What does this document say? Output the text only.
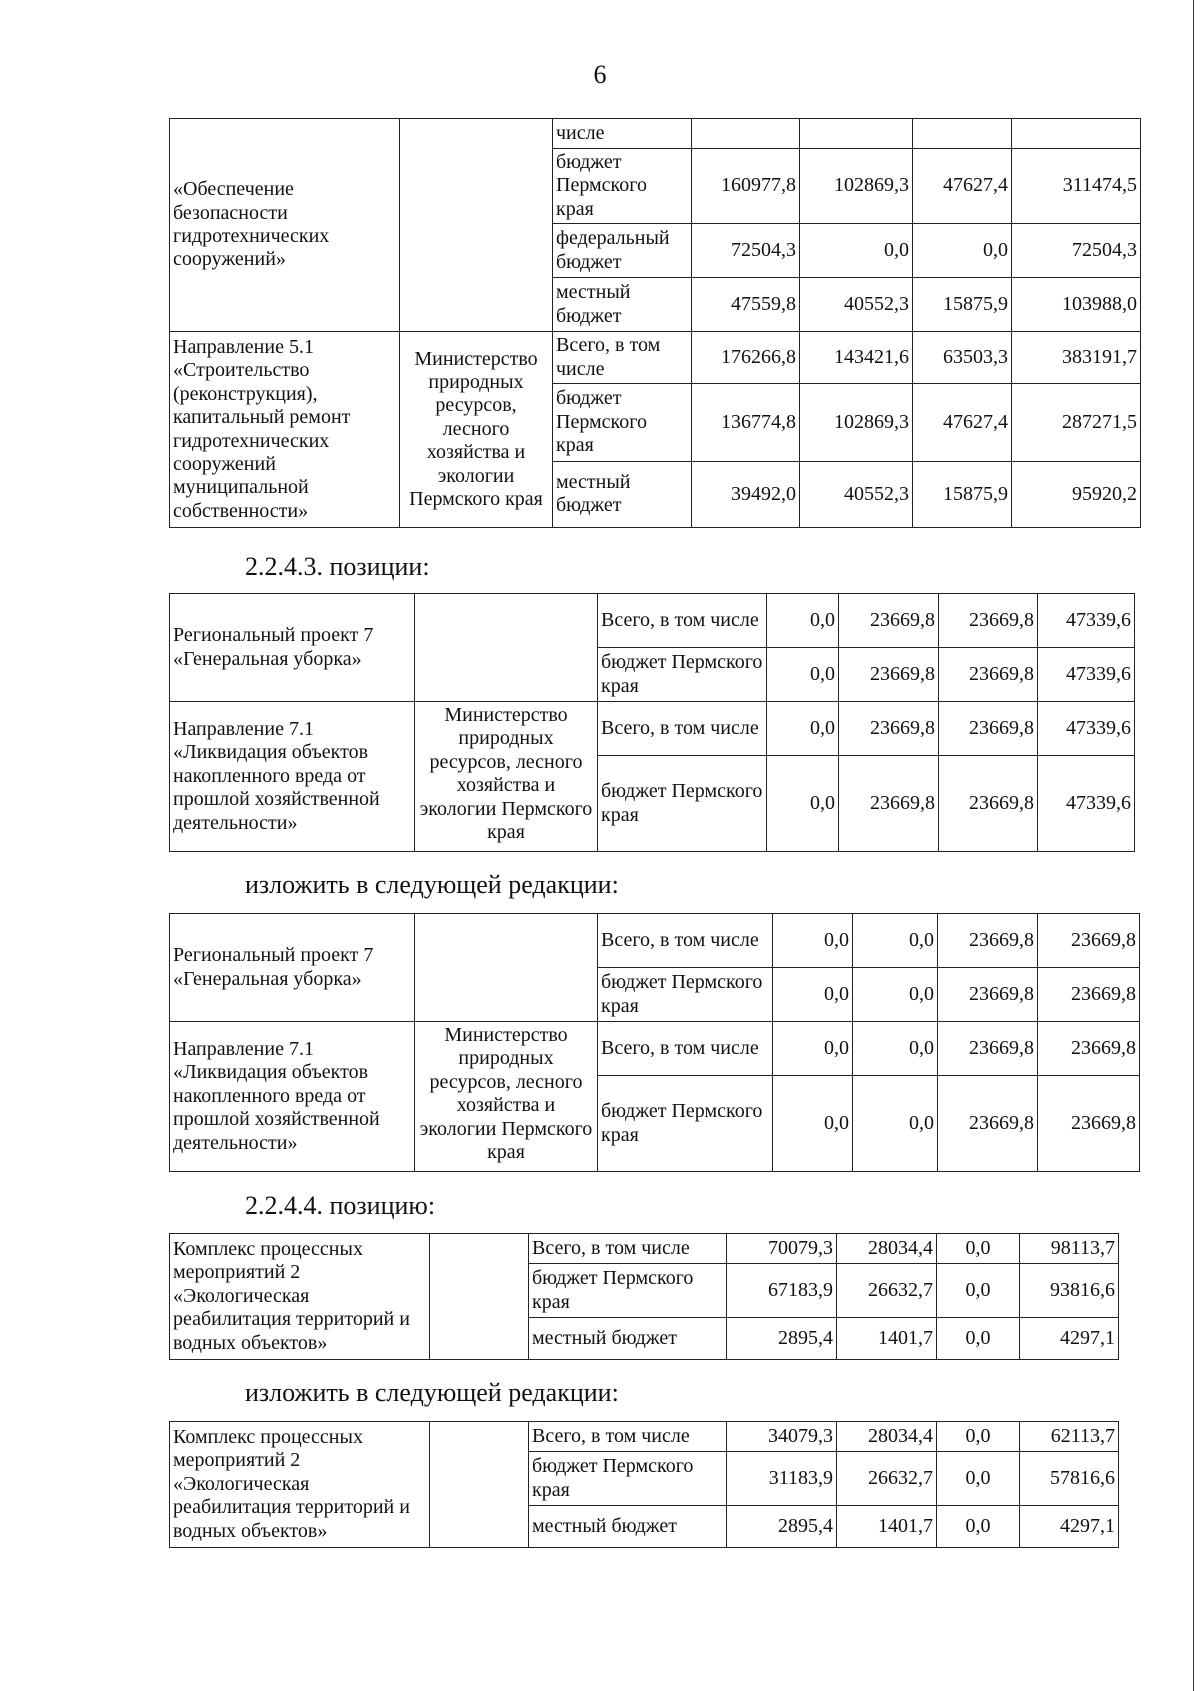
6
«Обеспечение безопасности гидротехнических сооружений»		числе				
		бюджет Пермского края	160977,8	102869,3	47627,4	311474,5
		федеральный бюджет	72504,3	0,0	0,0	72504,3
		местный бюджет	47559,8	40552,3	15875,9	103988,0
Направление 5.1 «Строительство (реконструкция), капитальный ремонт гидротехнических сооружений муниципальной собственности»	Министерство природных ресурсов, лесного хозяйства и экологии Пермского края	Всего, в том числе	176266,8	143421,6	63503,3	383191,7
		бюджет Пермского края	136774,8	102869,3	47627,4	287271,5
		местный бюджет	39492,0	40552,3	15875,9	95920,2
2.2.4.3. позиции:
Региональный проект 7 «Генеральная уборка»		Всего, в том числе	0,0	23669,8	23669,8	47339,6
		бюджет Пермского края	0,0	23669,8	23669,8	47339,6
Направление 7.1 «Ликвидация объектов накопленного вреда от прошлой хозяйственной деятельности»	Министерство природных ресурсов, лесного хозяйства и экологии Пермского края	Всего, в том числе	0,0	23669,8	23669,8	47339,6
		бюджет Пермского края	0,0	23669,8	23669,8	47339,6
изложить в следующей редакции:
Региональный проект 7 «Генеральная уборка»		Всего, в том числе	0,0	0,0	23669,8	23669,8
		бюджет Пермского края	0,0	0,0	23669,8	23669,8
Направление 7.1 «Ликвидация объектов накопленного вреда от прошлой хозяйственной деятельности»	Министерство природных ресурсов, лесного хозяйства и экологии Пермского края	Всего, в том числе	0,0	0,0	23669,8	23669,8
		бюджет Пермского края	0,0	0,0	23669,8	23669,8
2.2.4.4. позицию:
Комплекс процессных мероприятий 2 «Экологическая реабилитация территорий и водных объектов»		Всего, в том числе	70079,3	28034,4	0,0	98113,7
		бюджет Пермского края	67183,9	26632,7	0,0	93816,6
		местный бюджет	2895,4	1401,7	0,0	4297,1
изложить в следующей редакции:
Комплекс процессных мероприятий 2 «Экологическая реабилитация территорий и водных объектов»		Всего, в том числе	34079,3	28034,4	0,0	62113,7
		бюджет Пермского края	31183,9	26632,7	0,0	57816,6
		местный бюджет	2895,4	1401,7	0,0	4297,1
